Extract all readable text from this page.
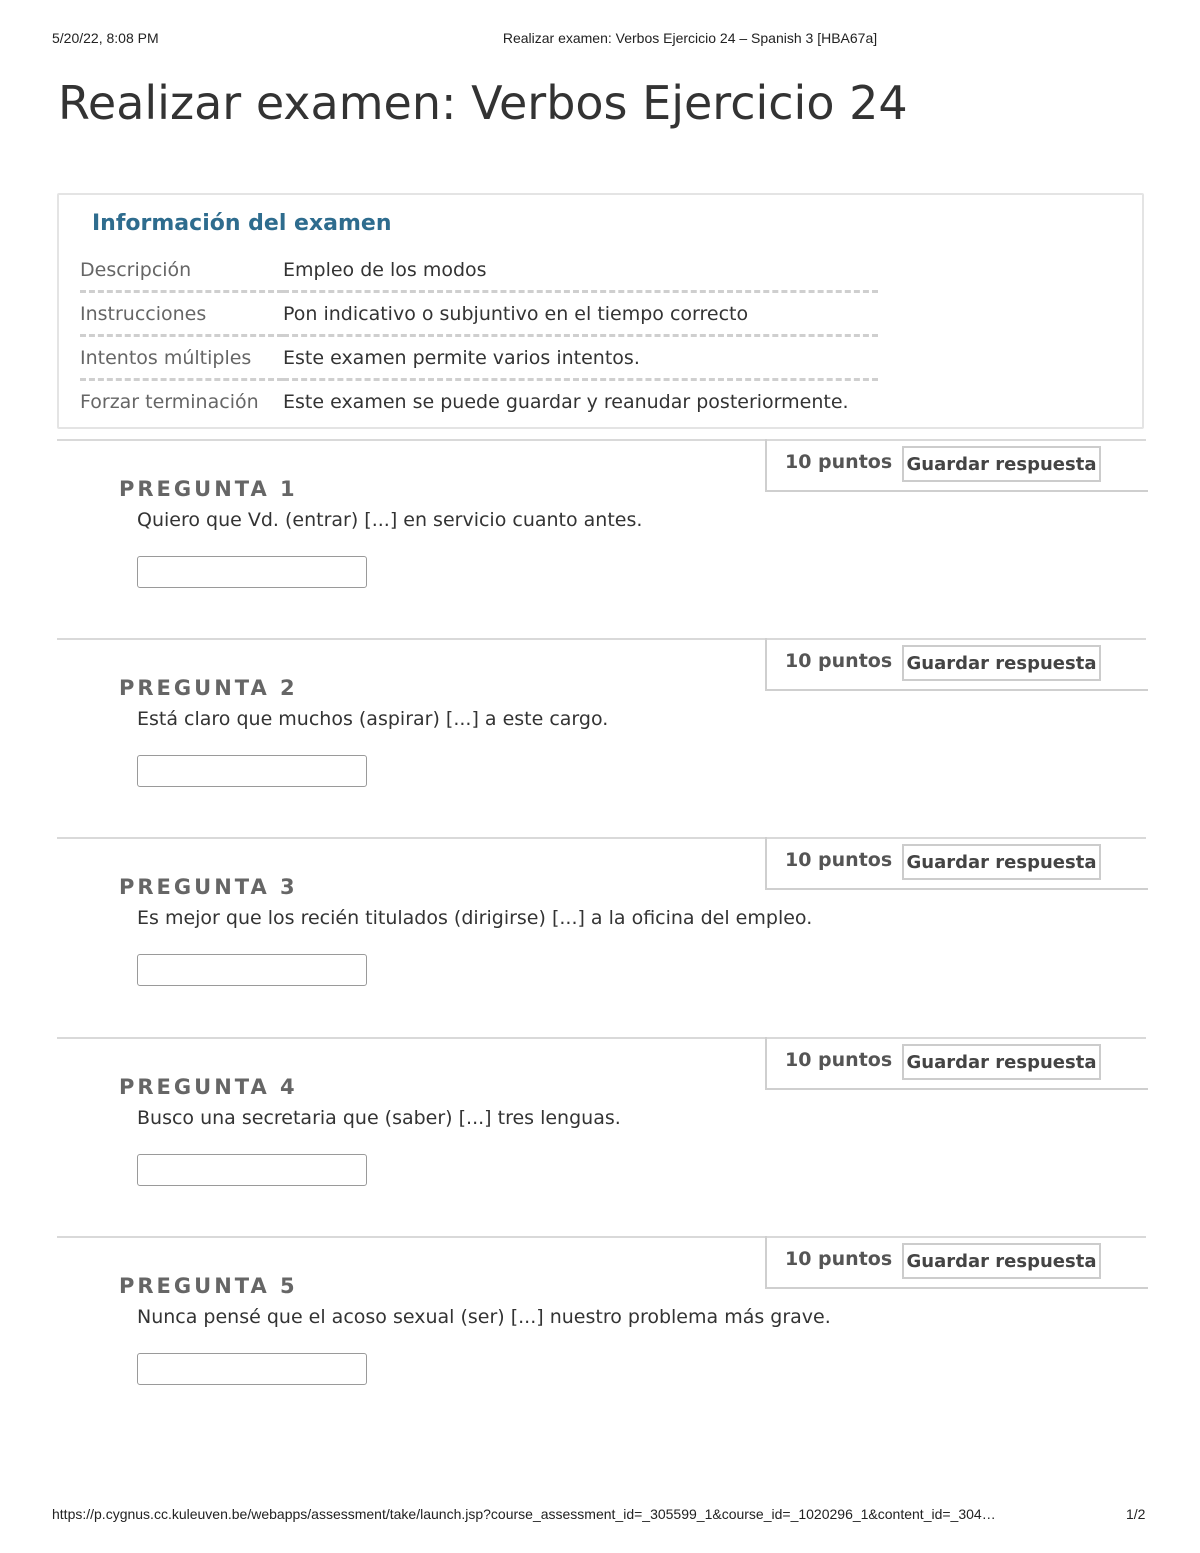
5/20/22, 8:08 PM	Realizar examen: Verbos Ejercicio 24 – Spanish 3 [HBA67a]
Realizar examen: Verbos Ejercicio 24
Información del examen
Descripción	Empleo de los modos
Instrucciones	Pon indicativo o subjuntivo en el tiempo correcto
Intentos múltiples	Este examen permite varios intentos.
Forzar terminación	Este examen se puede guardar y reanudar posteriormente.
10 puntos Guardar respuesta
PREGUNTA 1
Quiero que Vd. (entrar) [...] en servicio cuanto antes.
10 puntos Guardar respuesta
PREGUNTA 2
Está claro que muchos (aspirar) [...] a este cargo.
10 puntos Guardar respuesta
PREGUNTA 3
Es mejor que los recién titulados (dirigirse) [...] a la oficina del empleo.
10 puntos Guardar respuesta
PREGUNTA 4
Busco una secretaria que (saber) [...] tres lenguas.
10 puntos Guardar respuesta
PREGUNTA 5
Nunca pensé que el acoso sexual (ser) [...] nuestro problema más grave.
https://p.cygnus.cc.kuleuven.be/webapps/assessment/take/launch.jsp?course_assessment_id=_305599_1&course_id=_1020296_1&content_id=_304…	1/2
